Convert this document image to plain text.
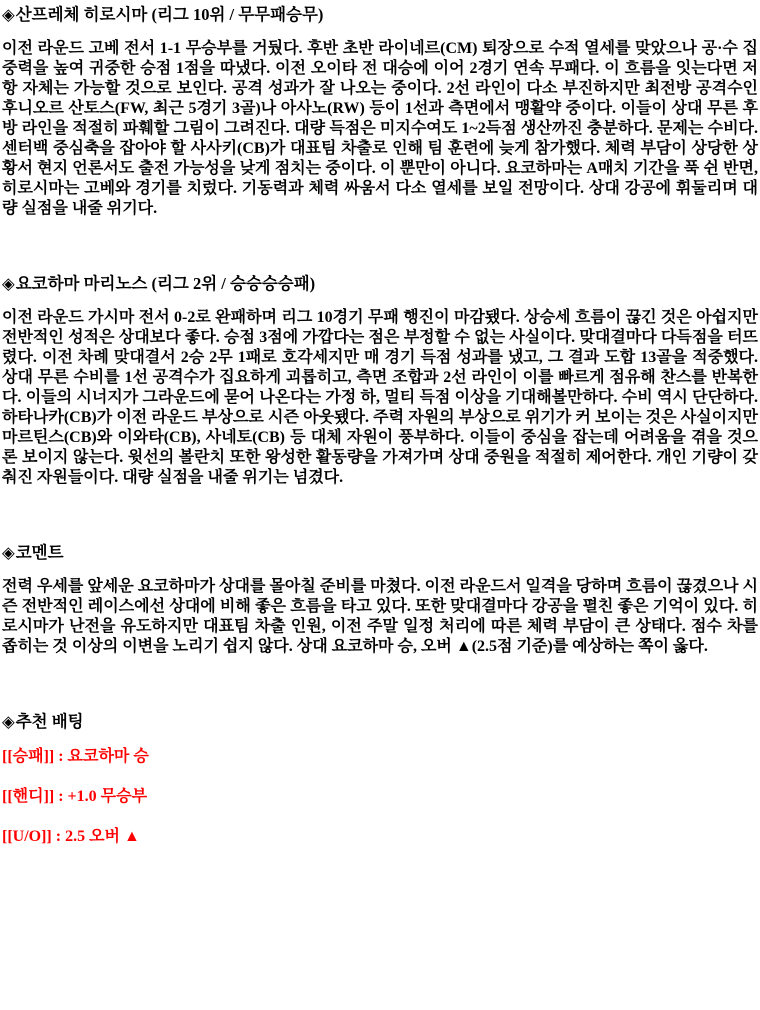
◈산프레체 히로시마 (리그 10위 / 무무패승무)

이전 라운드 고베 전서 1-1 무승부를 거뒀다. 후반 초반 라이네르(CM) 퇴장으로 수적 열세를 맞았으나 공·수 집중력을 높여 귀중한 승점 1점을 따냈다. 이전 오이타 전 대승에 이어 2경기 연속 무패다. 이 흐름을 잇는다면 저항 자체는 가능할 것으로 보인다. 공격 성과가 잘 나오는 중이다. 2선 라인이 다소 부진하지만 최전방 공격수인 후니오르 산토스(FW, 최근 5경기 3골)나 아사노(RW) 등이 1선과 측면에서 맹활약 중이다. 이들이 상대 무른 후방 라인을 적절히 파훼할 그림이 그려진다. 대량 득점은 미지수여도 1~2득점 생산까진 충분하다. 문제는 수비다. 센터백 중심축을 잡아야 할 사사키(CB)가 대표팀 차출로 인해 팀 훈련에 늦게 참가했다. 체력 부담이 상당한 상황서 현지 언론서도 출전 가능성을 낮게 점치는 중이다. 이 뿐만이 아니다. 요코하마는 A매치 기간을 푹 쉰 반면, 히로시마는 고베와 경기를 치렀다. 기동력과 체력 싸움서 다소 열세를 보일 전망이다. 상대 강공에 휘둘리며 대량 실점을 내줄 위기다.

◈요코하마 마리노스 (리그 2위 / 승승승승패)

이전 라운드 가시마 전서 0-2로 완패하며 리그 10경기 무패 행진이 마감됐다. 상승세 흐름이 끊긴 것은 아쉽지만 전반적인 성적은 상대보다 좋다. 승점 3점에 가깝다는 점은 부정할 수 없는 사실이다. 맞대결마다 다득점을 터뜨렸다. 이전 차례 맞대결서 2승 2무 1패로 호각세지만 매 경기 득점 성과를 냈고, 그 결과 도합 13골을 적중했다. 상대 무른 수비를 1선 공격수가 집요하게 괴롭히고, 측면 조합과 2선 라인이 이를 빠르게 점유해 찬스를 반복한다. 이들의 시너지가 그라운드에 묻어 나온다는 가정 하, 멀티 득점 이상을 기대해볼만하다. 수비 역시 단단하다. 하타나카(CB)가 이전 라운드 부상으로 시즌 아웃됐다. 주력 자원의 부상으로 위기가 커 보이는 것은 사실이지만 마르틴스(CB)와 이와타(CB), 사네토(CB) 등 대체 자원이 풍부하다. 이들이 중심을 잡는데 어려움을 겪을 것으론 보이지 않는다. 윗선의 볼란치 또한 왕성한 활동량을 가져가며 상대 중원을 적절히 제어한다. 개인 기량이 갖춰진 자원들이다. 대량 실점을 내줄 위기는 넘겼다.

◈코멘트

전력 우세를 앞세운 요코하마가 상대를 몰아칠 준비를 마쳤다. 이전 라운드서 일격을 당하며 흐름이 끊겼으나 시즌 전반적인 레이스에선 상대에 비해 좋은 흐름을 타고 있다. 또한 맞대결마다 강공을 펼친 좋은 기억이 있다. 히로시마가 난전을 유도하지만 대표팀 차출 인원, 이전 주말 일정 처리에 따른 체력 부담이 큰 상태다. 점수 차를 좁히는 것 이상의 이변을 노리기 쉽지 않다. 상대 요코하마 승, 오버 ▲(2.5점 기준)를 예상하는 쪽이 옳다.

◈추천 배팅

[[승패]] : 요코하마 승

[[핸디]] : +1.0 무승부

[[U/O]] : 2.5 오버 ▲
